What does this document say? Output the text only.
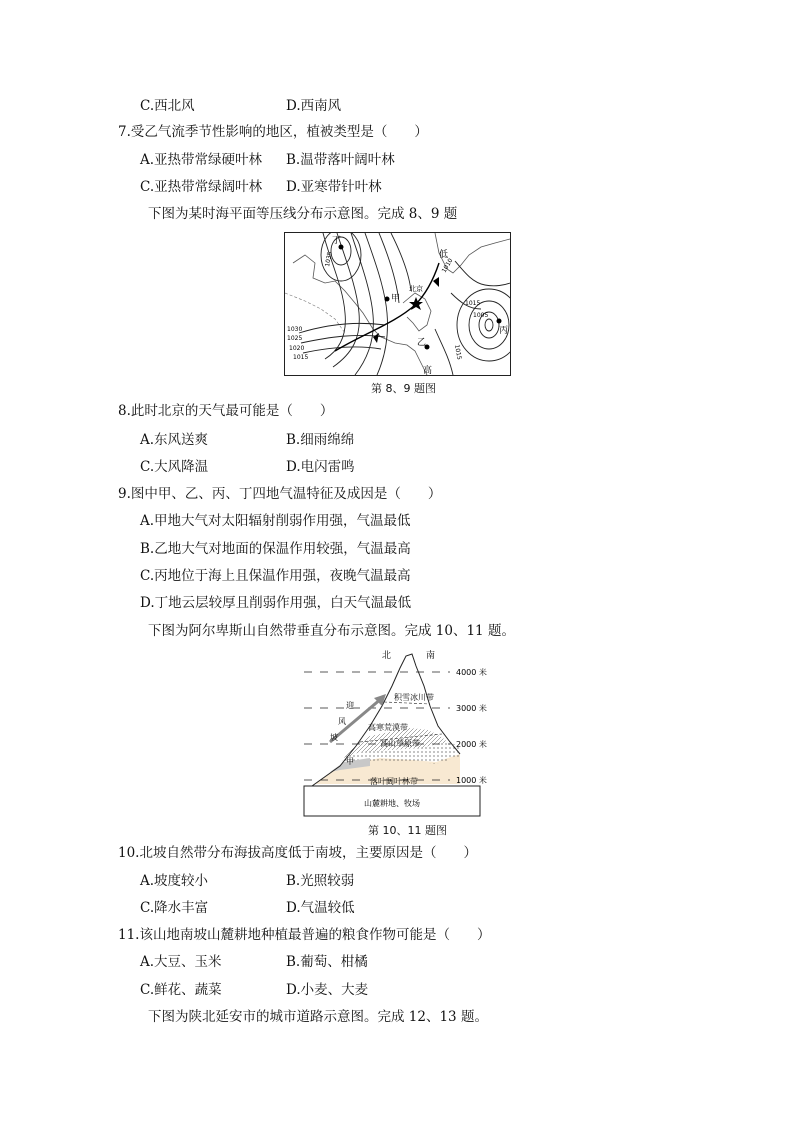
C.西北风	D.西南风
7.受乙气流季节性影响的地区，植被类型是（　　）
A.亚热带常绿硬叶林 B.温带落叶阔叶林
C.亚热带常绿阔叶林 D.亚寒带针叶林
下图为某时海平面等压线分布示意图。完成 8、9 题
丁
甲
北京
乙
丙
低
高
1030
1025
1020
1015
1010
1015
1005
1015
1035
第 8、9 题图
8.此时北京的天气最可能是（　　）
A.东风送爽	B.细雨绵绵
C.大风降温	D.电闪雷鸣
9.图中甲、乙、丙、丁四地气温特征及成因是（　　）
A.甲地大气对太阳辐射削弱作用强，气温最低
B.乙地大气对地面的保温作用较强，气温最高
C.丙地位于海上且保温作用强，夜晚气温最高
D.丁地云层较厚且削弱作用强，白天气温最低
下图为阿尔卑斯山自然带垂直分布示意图。完成 10、11 题。
北	南
4000 米
3000 米
2000 米
1000 米
迎
风
坡
积雪冰川带
高寒荒漠带
高山草原带
甲
落叶阔叶林带
山麓耕地、牧场
第 10、11 题图
10.北坡自然带分布海拔高度低于南坡，主要原因是（　　）
A.坡度较小	B.光照较弱
C.降水丰富	D.气温较低
11.该山地南坡山麓耕地种植最普遍的粮食作物可能是（　　）
A.大豆、玉米	B.葡萄、柑橘
C.鲜花、蔬菜	D.小麦、大麦
下图为陕北延安市的城市道路示意图。完成 12、13 题。
